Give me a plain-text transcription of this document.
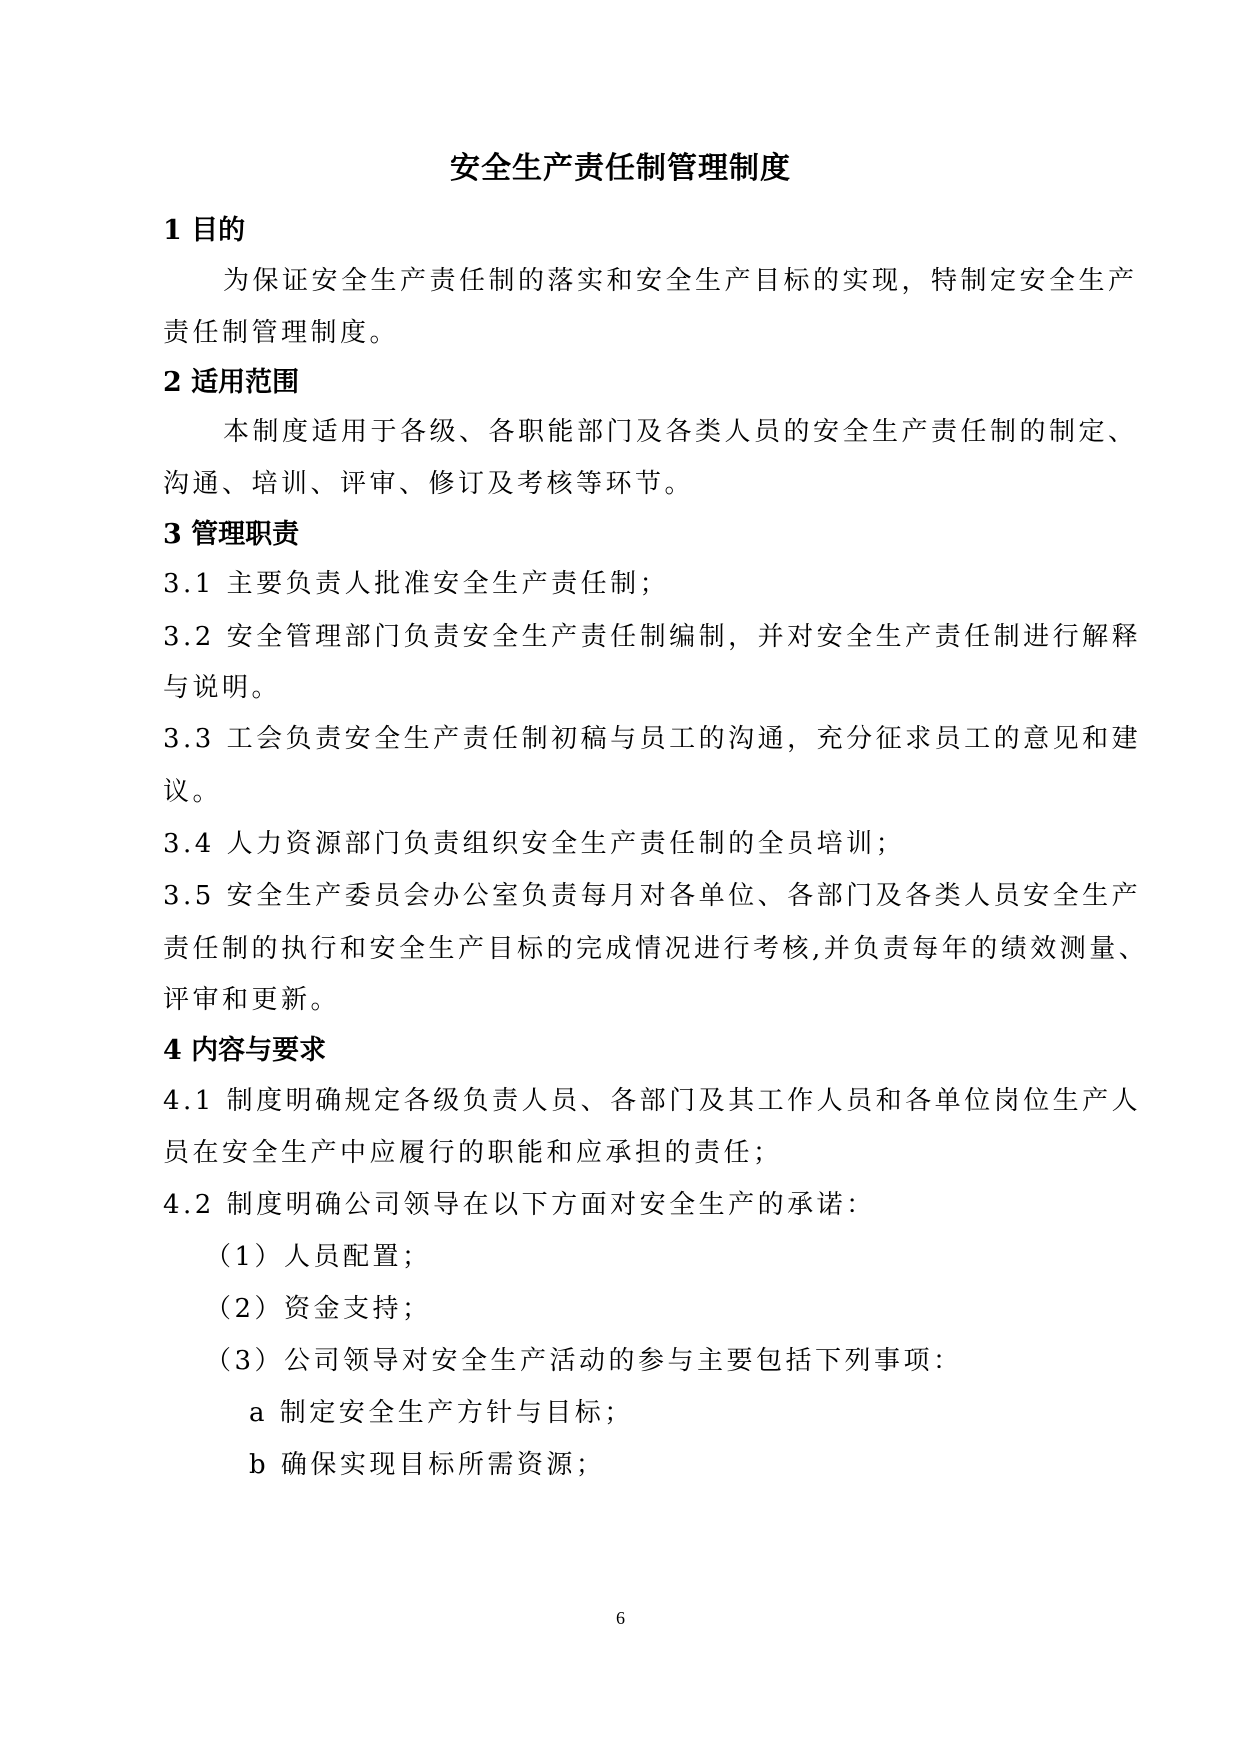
安全生产责任制管理制度
1 目的
为保证安全生产责任制的落实和安全生产目标的实现，特制定安全生产
责任制管理制度。
2 适用范围
本制度适用于各级、各职能部门及各类人员的安全生产责任制的制定、
沟通、培训、评审、修订及考核等环节。
3 管理职责
3.1 主要负责人批准安全生产责任制；
3.2 安全管理部门负责安全生产责任制编制，并对安全生产责任制进行解释
与说明。
3.3 工会负责安全生产责任制初稿与员工的沟通，充分征求员工的意见和建
议。
3.4 人力资源部门负责组织安全生产责任制的全员培训；
3.5 安全生产委员会办公室负责每月对各单位、各部门及各类人员安全生产
责任制的执行和安全生产目标的完成情况进行考核,并负责每年的绩效测量、
评审和更新。
4 内容与要求
4.1 制度明确规定各级负责人员、各部门及其工作人员和各单位岗位生产人
员在安全生产中应履行的职能和应承担的责任；
4.2 制度明确公司领导在以下方面对安全生产的承诺：
（1）人员配置；
（2）资金支持；
（3）公司领导对安全生产活动的参与主要包括下列事项：
a 制定安全生产方针与目标；
b 确保实现目标所需资源；
6
